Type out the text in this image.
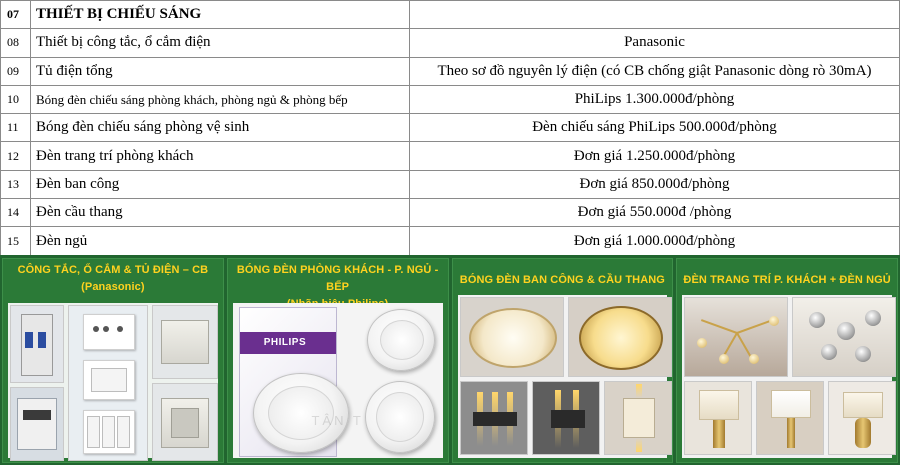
07	THIẾT BỊ CHIẾU SÁNG	
08	Thiết bị công tắc, ổ cắm điện	Panasonic
09	Tủ điện tổng	Theo sơ đồ nguyên lý điện (có CB chống giật Panasonic dòng rò 30mA)
10	Bóng đèn chiếu sáng phòng khách, phòng ngủ & phòng bếp	PhiLips 1.300.000đ/phòng
11	Bóng đèn chiếu sáng phòng vệ sinh	Đèn chiếu sáng PhiLips 500.000đ/phòng
12	Đèn trang trí phòng khách	Đơn giá 1.250.000đ/phòng
13	Đèn ban công	Đơn giá 850.000đ/phòng
14	Đèn cầu thang	Đơn giá 550.000đ /phòng
15	Đèn ngủ	Đơn giá 1.000.000đ/phòng
CÔNG TẮC, Ổ CẮM & TỦ ĐIỆN – CB
(Panasonic)
BÓNG ĐÈN PHÒNG KHÁCH - P. NGỦ - BẾP
PHILIPS
TÂN T
BÓNG ĐÈN BAN CÔNG & CẦU THANG	ĐÈN TRANG TRÍ P. KHÁCH + ĐÈN NGỦ
